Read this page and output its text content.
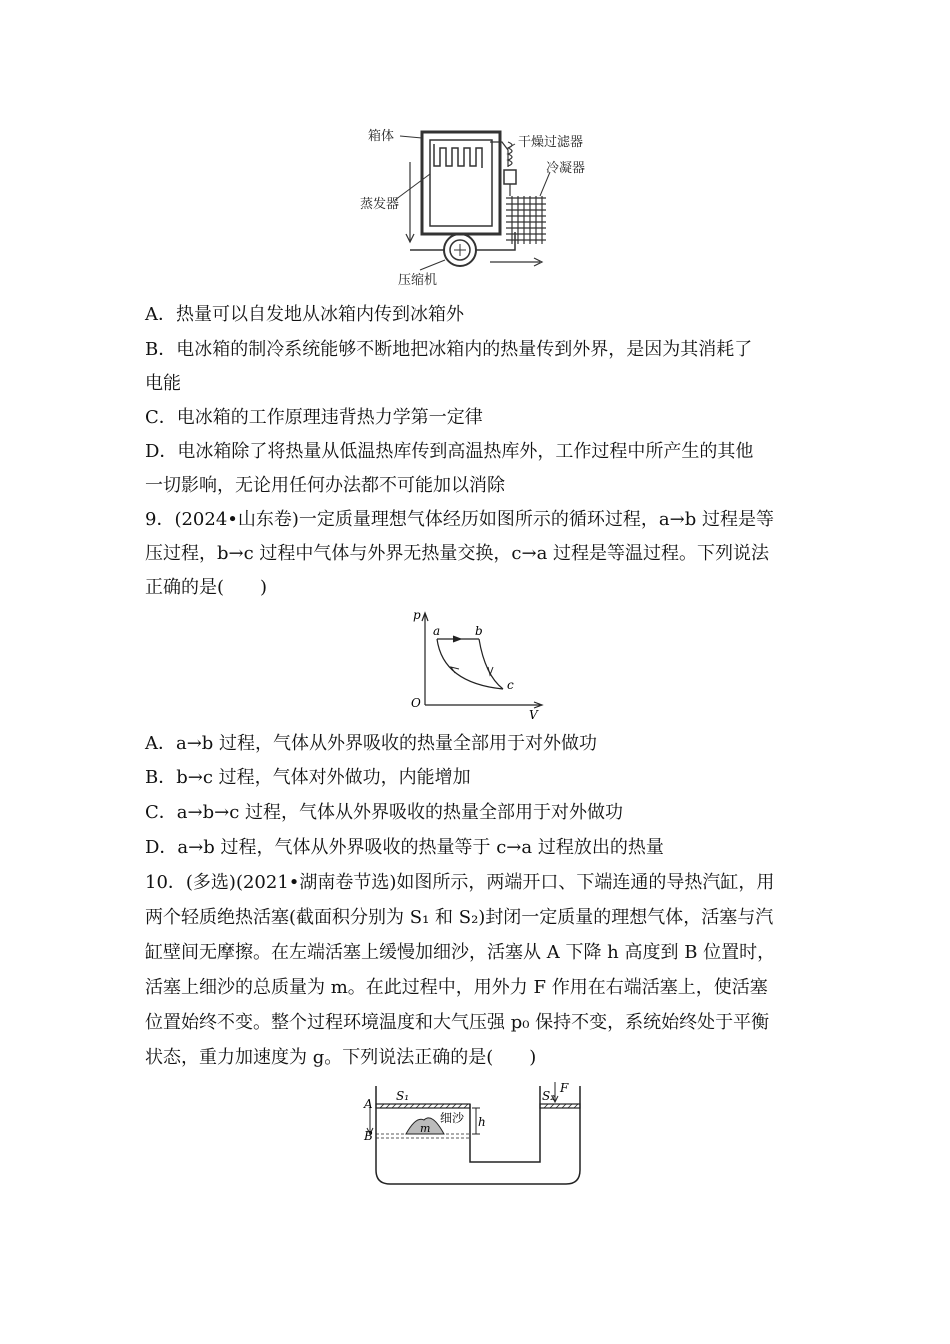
箱体	干燥过滤器
冷凝器
蒸发器
压缩机
A．热量可以自发地从冰箱内传到冰箱外
B．电冰箱的制冷系统能够不断地把冰箱内的热量传到外界，是因为其消耗了
电能
C．电冰箱的工作原理违背热力学第一定律
D．电冰箱除了将热量从低温热库传到高温热库外，工作过程中所产生的其他
一切影响，无论用任何办法都不可能加以消除
9．(2024•山东卷)一定质量理想气体经历如图所示的循环过程，a→b 过程是等
压过程，b→c 过程中气体与外界无热量交换，c→a 过程是等温过程。下列说法
正确的是(　　)
p
V
O
a	b
c
A．a→b 过程，气体从外界吸收的热量全部用于对外做功
B．b→c 过程，气体对外做功，内能增加
C．a→b→c 过程，气体从外界吸收的热量全部用于对外做功
D．a→b 过程，气体从外界吸收的热量等于 c→a 过程放出的热量
10．(多选)(2021•湖南卷节选)如图所示，两端开口、下端连通的导热汽缸，用
两个轻质绝热活塞(截面积分别为 S₁ 和 S₂)封闭一定质量的理想气体，活塞与汽
缸壁间无摩擦。在左端活塞上缓慢加细沙，活塞从 A 下降 h 高度到 B 位置时，
活塞上细沙的总质量为 m。在此过程中，用外力 F 作用在右端活塞上，使活塞
位置始终不变。整个过程环境温度和大气压强 p₀ 保持不变，系统始终处于平衡
状态，重力加速度为 g。下列说法正确的是(　　)
A
B
S₁	S₂
F
m
细沙 h
